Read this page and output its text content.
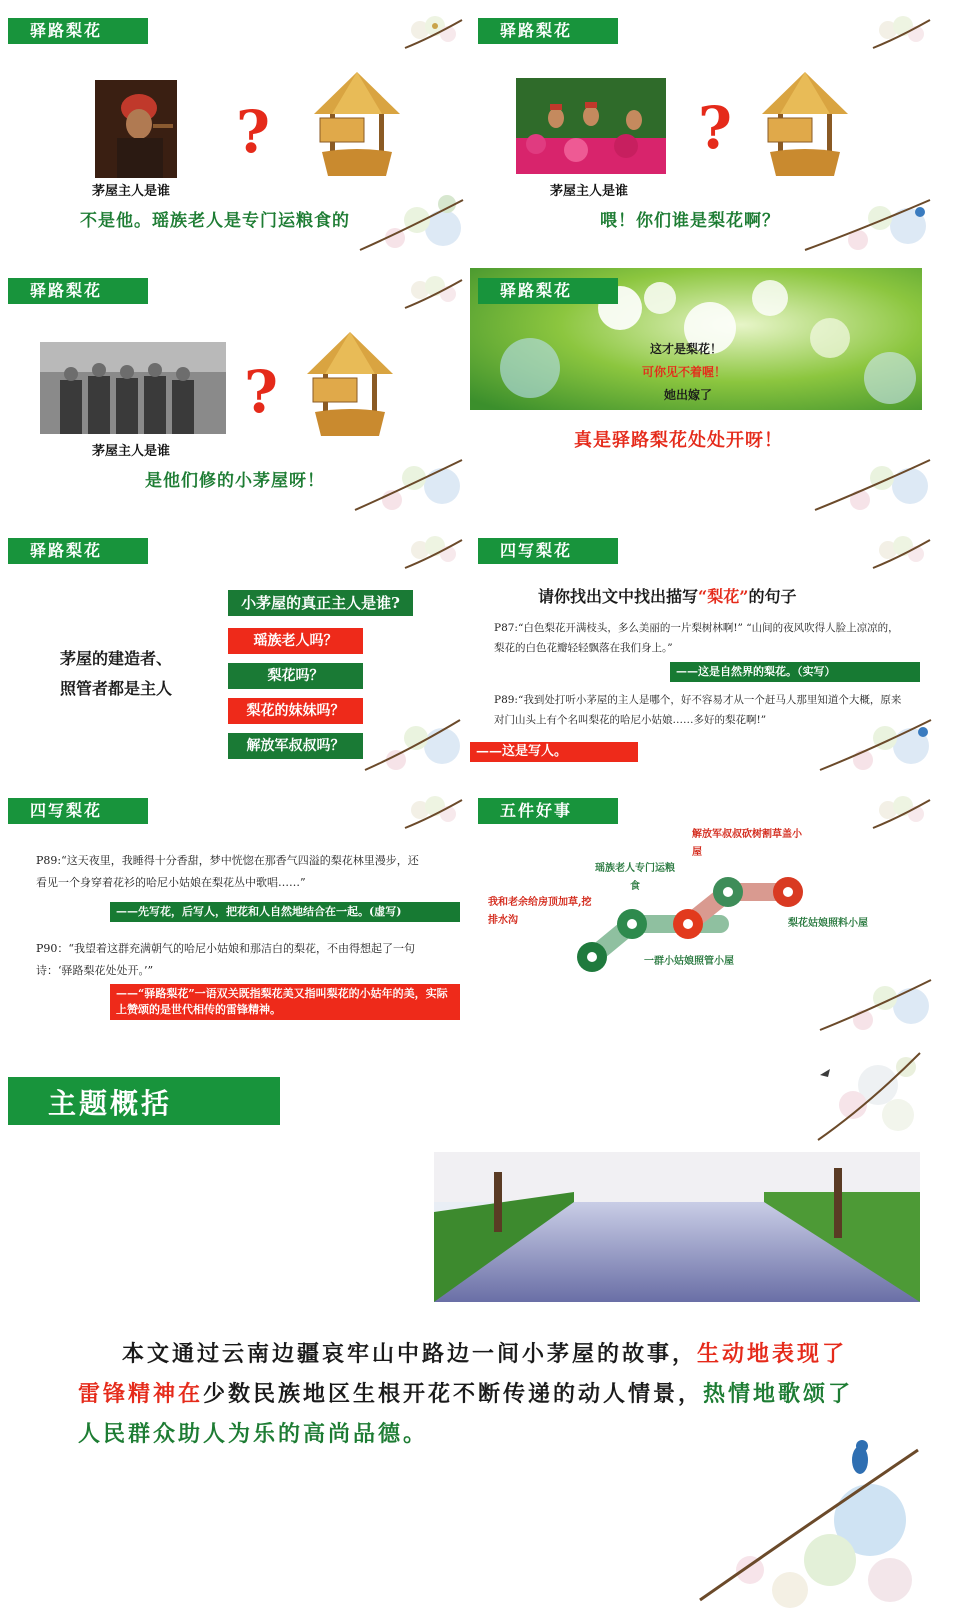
驿路梨花
茅屋主人是谁
?
不是他。瑶族老人是专门运粮食的
驿路梨花
茅屋主人是谁
?
喂！你们谁是梨花啊？
驿路梨花
茅屋主人是谁
?
是他们修的小茅屋呀！
驿路梨花
这才是梨花！
可你见不着喔！
她出嫁了
真是驿路梨花处处开呀！
驿路梨花
茅屋的建造者、
照管者都是主人
小茅屋的真正主人是谁?
瑶族老人吗？
梨花吗？
梨花的妹妹吗？
解放军叔叔吗？
四写梨花
请你找出文中找出描写“梨花”的句子
P87:“白色梨花开满枝头，多么美丽的一片梨树林啊!” “山间的夜风吹得人脸上凉凉的，梨花的白色花瓣轻轻飘落在我们身上。”
——这是自然界的梨花。（实写）
P89:“我到处打听小茅屋的主人是哪个，好不容易才从一个赶马人那里知道个大概，原来对门山头上有个名叫梨花的哈尼小姑娘……多好的梨花啊!”
——这是写人。
四写梨花
P89:“这天夜里，我睡得十分香甜，梦中恍惚在那香气四溢的梨花林里漫步，还看见一个身穿着花衫的哈尼小姑娘在梨花丛中歌唱……”
——先写花，后写人，把花和人自然地结合在一起。(虚写)
P90：“我望着这群充满朝气的哈尼小姑娘和那洁白的梨花，不由得想起了一句诗：‘驿路梨花处处开。’”
——“驿路梨花”一语双关既指梨花美又指叫梨花的小姑年的美，实际上赞颂的是世代相传的雷锋精神。
五件好事
解放军叔叔砍树割草盖小屋
瑶族老人专门运粮食
我和老余给房顶加草,挖排水沟
一群小姑娘照管小屋
梨花姑娘照料小屋
主题概括
本文通过云南边疆哀牢山中路边一间小茅屋的故事，生动地表现了雷锋精神在少数民族地区生根开花不断传递的动人情景，热情地歌颂了人民群众助人为乐的高尚品德。
